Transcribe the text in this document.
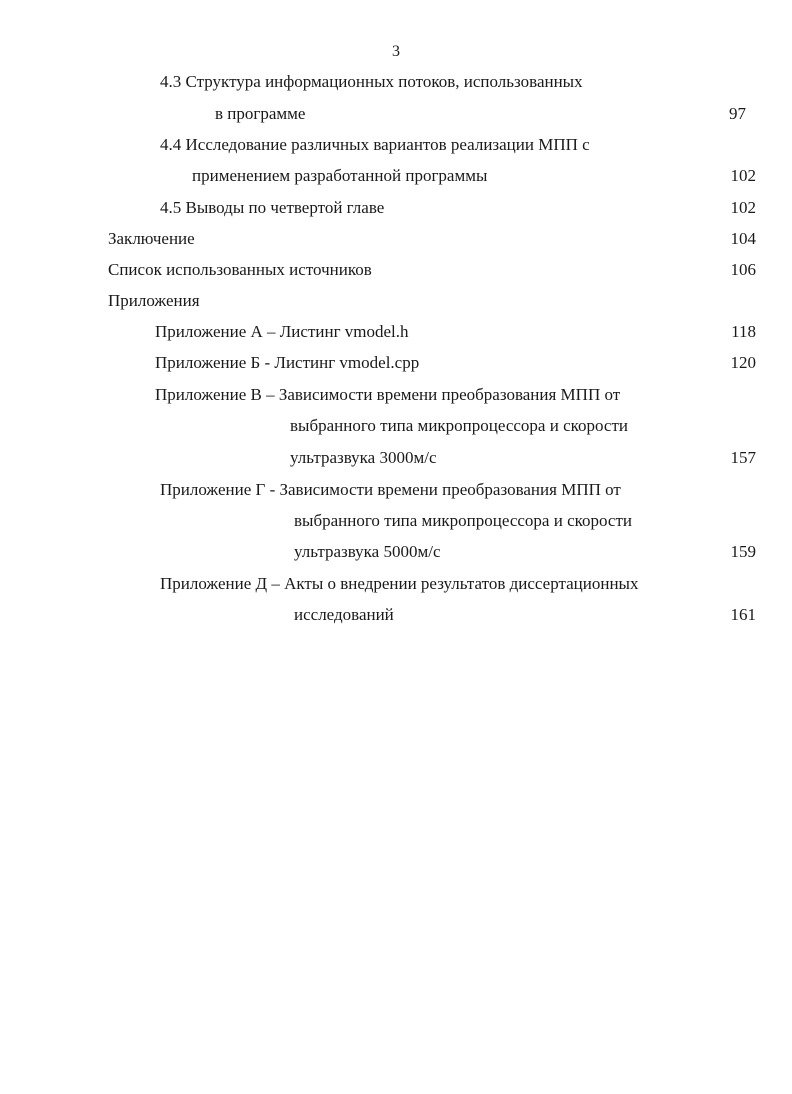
3
4.3 Структура информационных потоков, использованных
в программе	97
4.4 Исследование различных вариантов реализации МПП с
применением разработанной программы	102
4.5 Выводы по четвертой главе	102
Заключение	104
Список использованных источников	106
Приложения
Приложение А – Листинг vmodel.h	118
Приложение Б - Листинг vmodel.cpp	120
Приложение В – Зависимости времени преобразования МПП от
выбранного типа микропроцессора и скорости
ультразвука 3000м/с	157
Приложение Г - Зависимости времени преобразования МПП от
выбранного типа микропроцессора и скорости
ультразвука 5000м/с	159
Приложение Д – Акты о внедрении результатов диссертационных
исследований	161
